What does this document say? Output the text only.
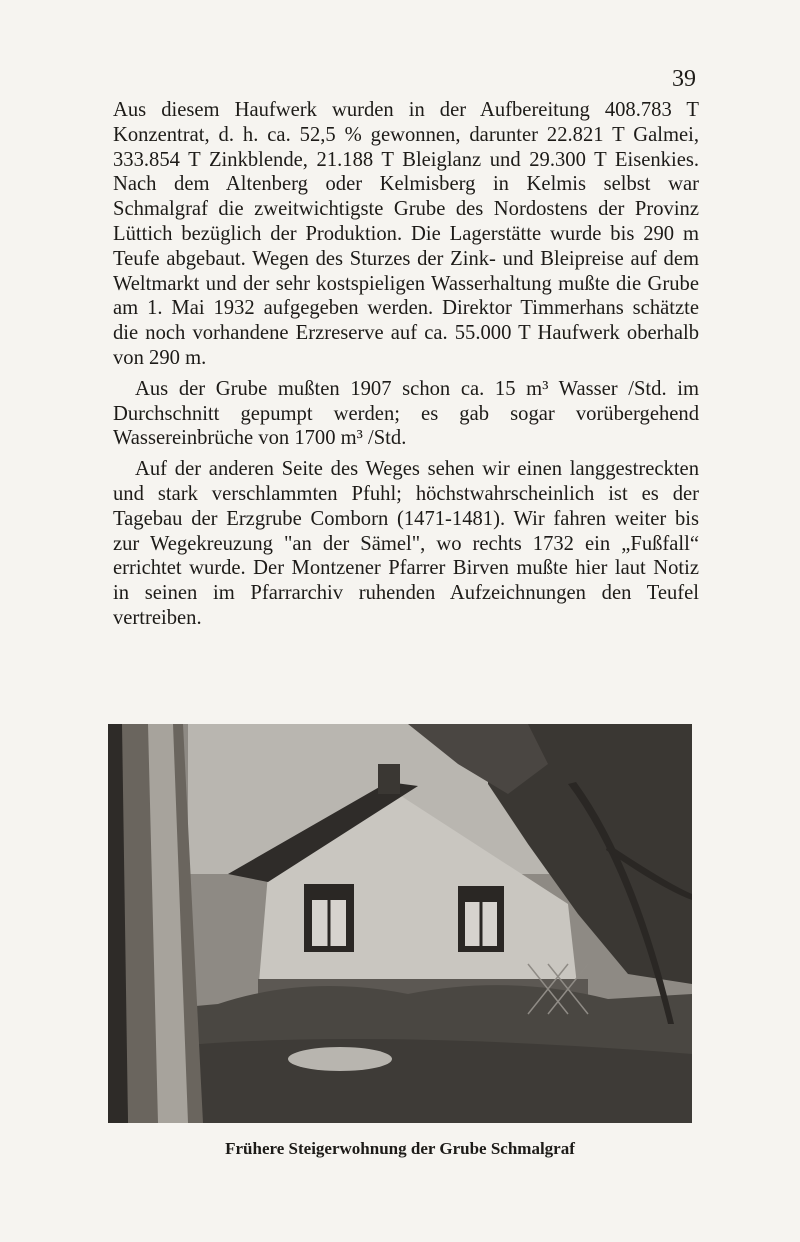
39

Aus diesem Haufwerk wurden in der Aufbereitung 408.783 T Konzentrat, d. h. ca. 52,5 % gewonnen, darunter 22.821 T Galmei, 333.854 T Zinkblende, 21.188 T Bleiglanz und 29.300 T Eisenkies. Nach dem Altenberg oder Kelmisberg in Kelmis selbst war Schmalgraf die zweitwichtigste Grube des Nordostens der Provinz Lüttich bezüglich der Produktion. Die Lagerstätte wurde bis 290 m Teufe abgebaut. Wegen des Sturzes der Zink- und Bleipreise auf dem Weltmarkt und der sehr kostspieligen Wasserhaltung mußte die Grube am 1. Mai 1932 aufgegeben werden. Direktor Timmerhans schätzte die noch vorhandene Erzreserve auf ca. 55.000 T Haufwerk oberhalb von 290 m.

Aus der Grube mußten 1907 schon ca. 15 m³ Wasser /Std. im Durchschnitt gepumpt werden; es gab sogar vorübergehend Wassereinbrüche von 1700 m³ /Std.

Auf der anderen Seite des Weges sehen wir einen langgestreckten und stark verschlammten Pfuhl; höchstwahrscheinlich ist es der Tagebau der Erzgrube Comborn (1471-1481). Wir fahren weiter bis zur Wegekreuzung "an der Sämel", wo rechts 1732 ein „Fußfall“ errichtet wurde. Der Montzener Pfarrer Birven mußte hier laut Notiz in seinen im Pfarrarchiv ruhenden Aufzeichnungen den Teufel vertreiben.

Frühere Steigerwohnung der Grube Schmalgraf
